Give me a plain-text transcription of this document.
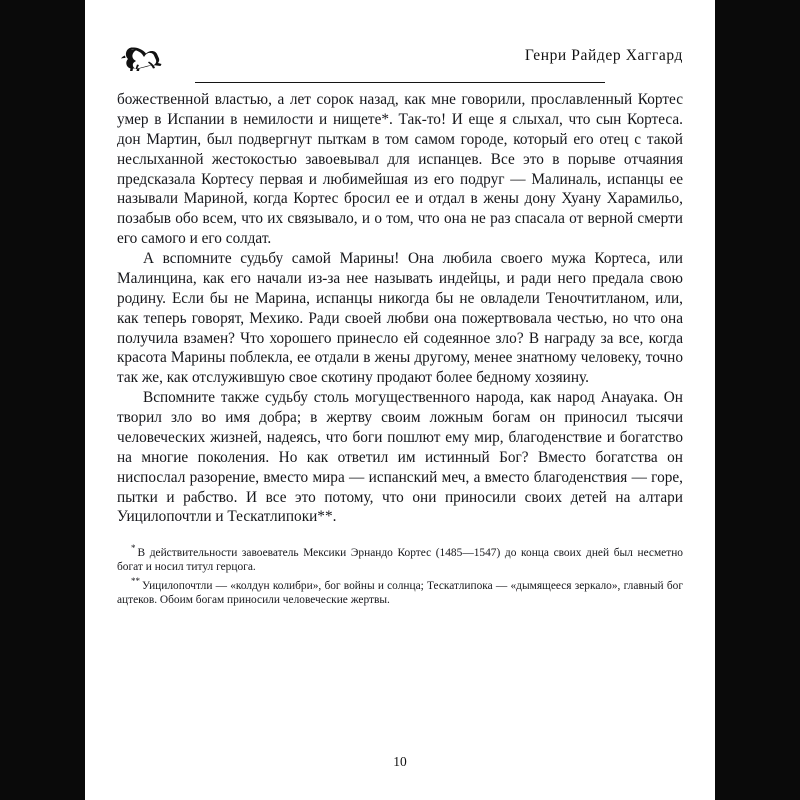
Генри Райдер Хаггард

божественной властью, а лет сорок назад, как мне говорили, прославленный Кортес умер в Испании в немилости и нищете*. Так-то! И еще я слыхал, что сын Кортеса. дон Мартин, был подвергнут пыткам в том самом городе, который его отец с такой неслыханной жестокостью завоевывал для испанцев. Все это в порыве отчаяния предсказала Кортесу первая и любимейшая из его подруг — Малиналь, испанцы ее называли Мариной, когда Кортес бросил ее и отдал в жены дону Хуану Харамильо, позабыв обо всем, что их связывало, и о том, что она не раз спасала от верной смерти его самого и его солдат.

А вспомните судьбу самой Марины! Она любила своего мужа Кортеса, или Малинцина, как его начали из-за нее называть индейцы, и ради него предала свою родину. Если бы не Марина, испанцы никогда бы не овладели Теночтитланом, или, как теперь говорят, Мехико. Ради своей любви она пожертвовала честью, но что она получила взамен? Что хорошего принесло ей содеянное зло? В награду за все, когда красота Марины поблекла, ее отдали в жены другому, менее знатному человеку, точно так же, как отслужившую свое скотину продают более бедному хозяину.

Вспомните также судьбу столь могущественного народа, как народ Анауака. Он творил зло во имя добра; в жертву своим ложным богам он приносил тысячи человеческих жизней, надеясь, что боги пошлют ему мир, благоденствие и богатство на многие поколения. Но как ответил им истинный Бог? Вместо богатства он ниспослал разорение, вместо мира — испанский меч, а вместо благоденствия — горе, пытки и рабство. И все это потому, что они приносили своих детей на алтари Уицилопочтли и Тескатлипоки**.

* В действительности завоеватель Мексики Эрнандо Кортес (1485—1547) до конца своих дней был несметно богат и носил титул герцога.

** Уицилопочтли — «колдун колибри», бог войны и солнца; Тескатлипока — «дымящееся зеркало», главный бог ацтеков. Обоим богам приносили человеческие жертвы.

10
